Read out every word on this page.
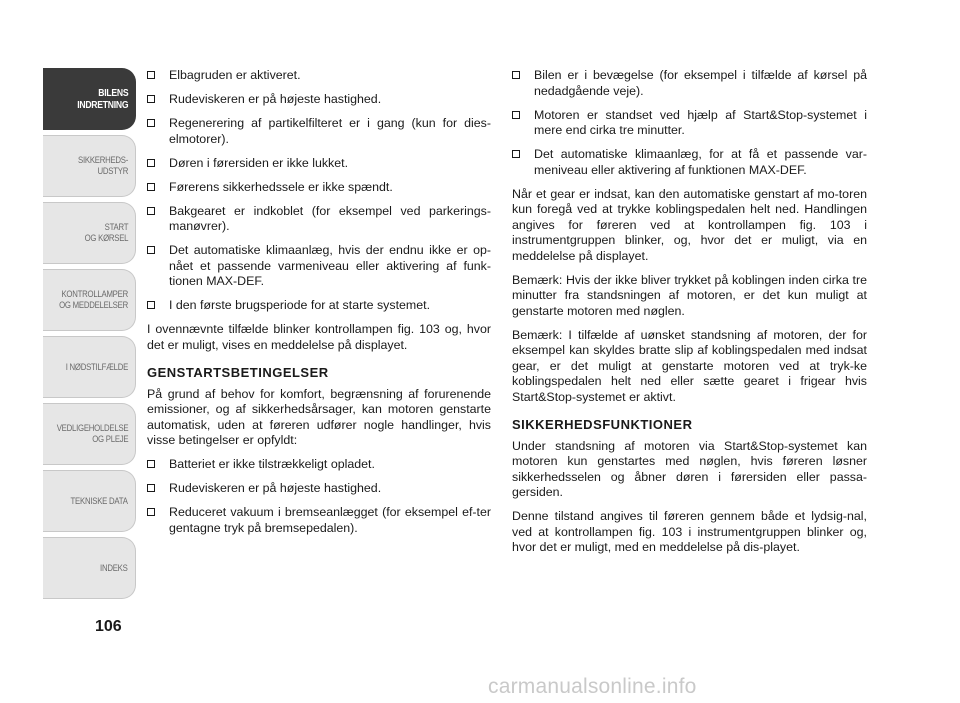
BILENS
INDRETNING
SIKKERHEDS-
UDSTYR
START
OG KØRSEL
KONTROLLAMPER
OG MEDDELELSER
I NØDSTILFÆLDE
VEDLIGEHOLDELSE
OG PLEJE
TEKNISKE DATA
INDEKS
106
Elbagruden er aktiveret.
Rudeviskeren er på højeste hastighed.
Regenerering af partikelfilteret er i gang (kun for dies-elmotorer).
Døren i førersiden er ikke lukket.
Førerens sikkerhedssele er ikke spændt.
Bakgearet er indkoblet (for eksempel ved parkerings-manøvrer).
Det automatiske klimaanlæg, hvis der endnu ikke er op-nået et passende varmeniveau eller aktivering af funk-tionen MAX-DEF.
I den første brugsperiode for at starte systemet.

I ovennævnte tilfælde blinker kontrollampen fig. 103 og, hvor det er muligt, vises en meddelelse på displayet.

GENSTARTSBETINGELSER

På grund af behov for komfort, begrænsning af forurenende emissioner, og af sikkerhedsårsager, kan motoren genstarte automatisk, uden at føreren udfører nogle handlinger, hvis visse betingelser er opfyldt:

Batteriet er ikke tilstrækkeligt opladet.
Rudeviskeren er på højeste hastighed.
Reduceret vakuum i bremseanlægget (for eksempel ef-ter gentagne tryk på bremsepedalen).
Bilen er i bevægelse (for eksempel i tilfælde af kørsel på nedadgående veje).
Motoren er standset ved hjælp af Start&Stop-systemet i mere end cirka tre minutter.
Det automatiske klimaanlæg, for at få et passende var-meniveau eller aktivering af funktionen MAX-DEF.

Når et gear er indsat, kan den automatiske genstart af mo-toren kun foregå ved at trykke koblingspedalen helt ned. Handlingen angives for føreren ved at kontrollampen fig. 103 i instrumentgruppen blinker, og, hvor det er muligt, via en meddelelse på displayet.

Bemærk: Hvis der ikke bliver trykket på koblingen inden cirka tre minutter fra standsningen af motoren, er det kun muligt at genstarte motoren med nøglen.

Bemærk: I tilfælde af uønsket standsning af motoren, der for eksempel kan skyldes bratte slip af koblingspedalen med indsat gear, er det muligt at genstarte motoren ved at tryk-ke koblingspedalen helt ned eller sætte gearet i frigear hvis Start&Stop-systemet er aktivt.

SIKKERHEDSFUNKTIONER

Under standsning af motoren via Start&Stop-systemet kan motoren kun genstartes med nøglen, hvis føreren løsner sikkerhedsselen og åbner døren i førersiden eller passa-gersiden.

Denne tilstand angives til føreren gennem både et lydsig-nal, ved at kontrollampen fig. 103 i instrumentgruppen blinker og, hvor det er muligt, med en meddelelse på dis-playet.

carmanualsonline.info
